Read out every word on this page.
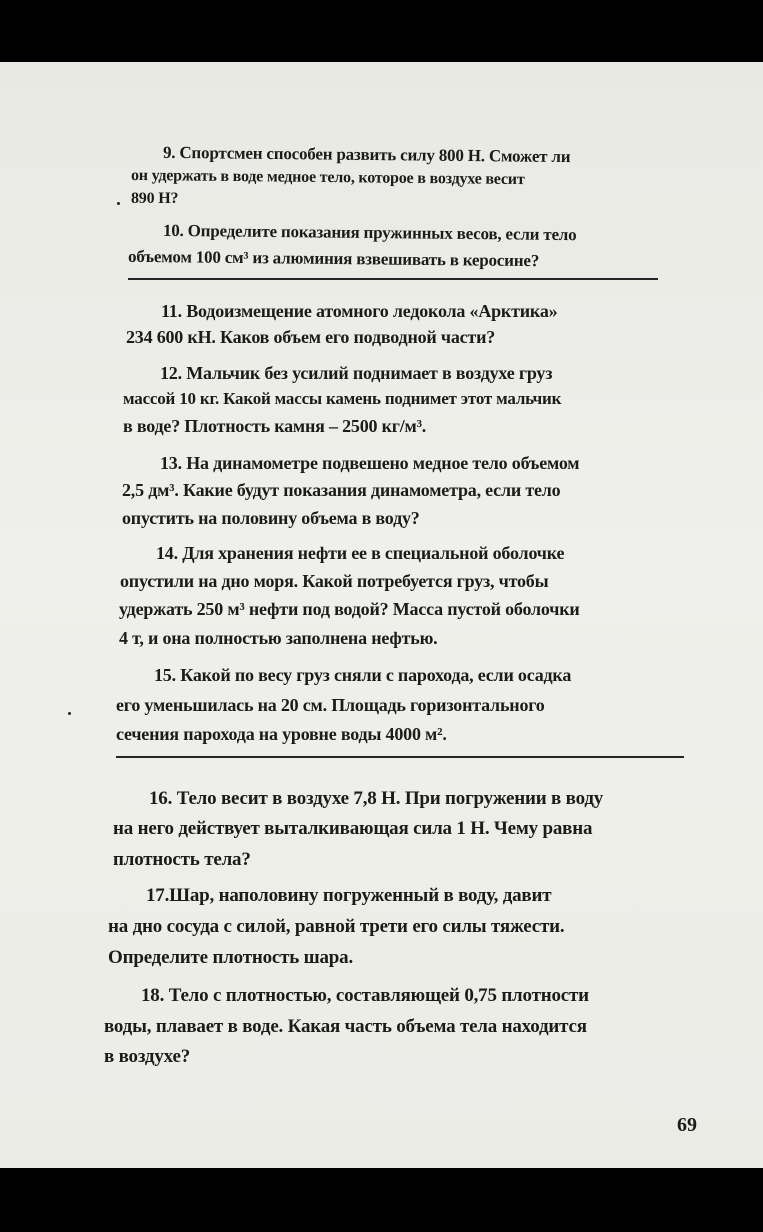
9. Спортсмен способен развить силу 800 Н. Сможет ли
он удержать в воде медное тело, которое в воздухе весит
890 Н?
10. Определите показания пружинных весов, если тело
объемом 100 см³ из алюминия взвешивать в керосине?
11. Водоизмещение атомного ледокола «Арктика»
234 600 кН. Каков объем его подводной части?
12. Мальчик без усилий поднимает в воздухе груз
массой 10 кг. Какой массы камень поднимет этот мальчик
в воде? Плотность камня – 2500 кг/м³.
13. На динамометре подвешено медное тело объемом
2,5 дм³. Какие будут показания динамометра, если тело
опустить на половину объема в воду?
14. Для хранения нефти ее в специальной оболочке
опустили на дно моря. Какой потребуется груз, чтобы
удержать 250 м³ нефти под водой? Масса пустой оболочки
4 т, и она полностью заполнена нефтью.
15. Какой по весу груз сняли с парохода, если осадка
его уменьшилась на 20 см. Площадь горизонтального
сечения парохода на уровне воды 4000 м².
16. Тело весит в воздухе 7,8 Н. При погружении в воду
на него действует выталкивающая сила 1 Н. Чему равна
плотность тела?
17.Шар, наполовину погруженный в воду, давит
на дно сосуда с силой, равной трети его силы тяжести.
Определите плотность шара.
18. Тело с плотностью, составляющей 0,75 плотности
воды, плавает в воде. Какая часть объема тела находится
в воздухе?
69
